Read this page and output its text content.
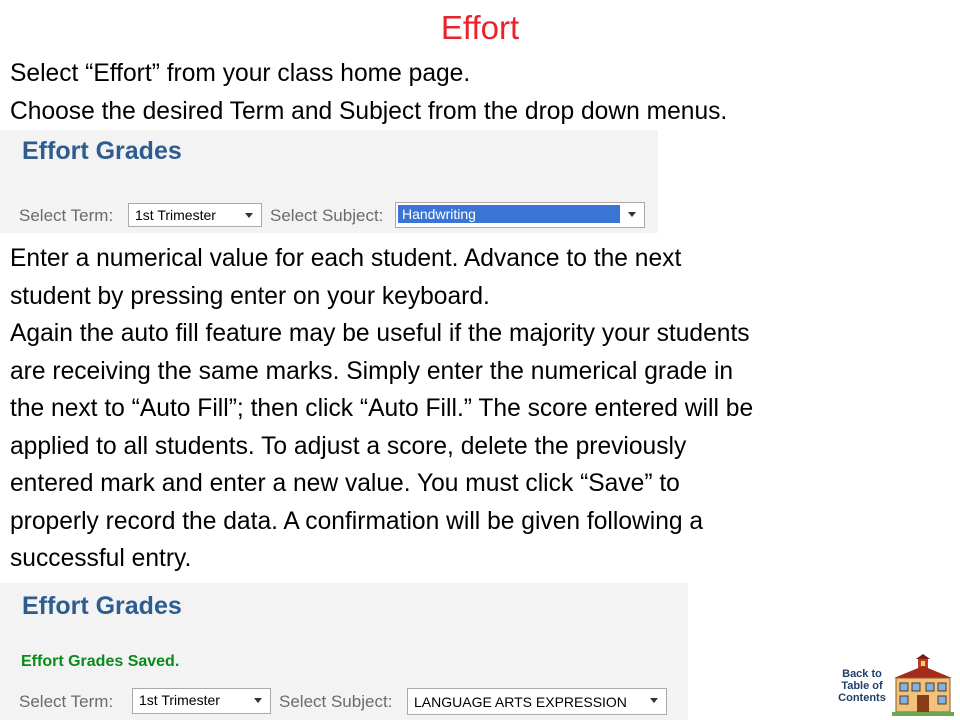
Effort

Select “Effort” from your class home page.
Choose the desired Term and Subject from the drop down menus.

Effort Grades
Select Term: 1st Trimester	Select Subject: Handwriting

Enter a numerical value for each student. Advance to the next
student by pressing enter on your keyboard.
Again the auto fill feature may be useful if the majority your students
are receiving the same marks. Simply enter the numerical grade in
the next to “Auto Fill”; then click “Auto Fill.” The score entered will be
applied to all students. To adjust a score, delete the previously
entered mark and enter a new value. You must click “Save” to
properly record the data. A confirmation will be given following a
successful entry.

Effort Grades
Effort Grades Saved.
Select Term: 1st Trimester	Select Subject: LANGUAGE ARTS EXPRESSION
Back to
Table of
Contents
